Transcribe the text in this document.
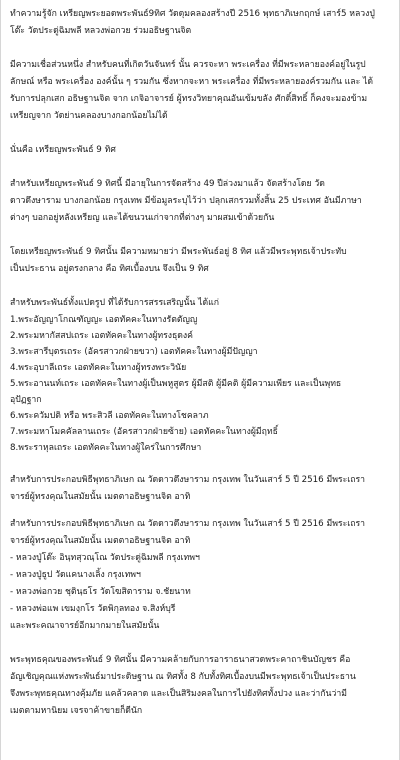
ทำความรู้จัก เหรียญพระยอดพระพันธ์9ทิศ วัดดุมคลองสร้างปี 2516 พุทธาภิเษกฤกษ์ เสาร์5 หลวงปู่
โต๊ะ วัดประดู่ฉิมพลี หลวงพ่อกวย ร่วมอธิษฐานจิต

มีความเชื่อส่วนหนึ่ง สำหรับคนที่เกิดวันจันทร์ นั้น ควรจะหา พระเครื่อง ที่มีพระหลายองค์อยู่ในรูป
ลักษณ์ หรือ พระเครื่อง องค์นั้น ๆ รวมกัน ซึ่งหากจะหา พระเครื่อง ที่มีพระหลายองค์รวมกัน และ ได้
รับการปลุกเสก อธิษฐานจิต จาก เกจิอาจารย์ ผู้ทรงวิทยาคุณอันเข้มขลัง ศักดิ์สิทธิ์ ก็คงจะมองข้าม
เหรียญจาก วัดย่านคลองบางกอกน้อยไม่ได้

นั่นคือ เหรียญพระพันธ์ 9 ทิศ

สำหรับเหรียญพระพันธ์ 9 ทิศนี้ มีอายุในการจัดสร้าง 49 ปีล่วงมาแล้ว จัดสร้างโดย วัด
ดาวดึงษาราม บางกอกน้อย กรุงเทพ มีข้อมูลระบุไว้ว่า ปลุกเสกรวมทั้งสิ้น 25 ประเทศ อันมีภาษา
ต่างๆ บอกอยู่หลังเหรียญ และได้ขนวนเก่าจากที่ต่างๆ มาผสมเข้าด้วยกัน

โดยเหรียญพระพันธ์ 9 ทิศนั้น มีความหมายว่า มีพระพันธ์อยู่ 8 ทิศ แล้วมีพระพุทธเจ้าประทับ
เป็นประธาน อยู่ตรงกลาง คือ ทิศเบื้องบน จึงเป็น 9 ทิศ

สำหรับพระพันธ์ทั้งแปดรูป ที่ได้รับการสรรเสริญนั้น ได้แก่

1.พระอัญญาโกณฑัญญะ เอตทัคคะในทางรัตตัญญู
2.พระมหากัสสปเถระ เอตทัคคะในทางผู้ทรงธุดงค์
3.พระสารีบุตรเถระ (อัครสาวกฝ่ายขวา) เอตทัคคะในทางผู้มีปัญญา
4.พระอุบาลีเถระ เอตทัคคะในทางผู้ทรงพระวินัย
5.พระอานนท์เถระ เอตทัคคะในทางผู้เป็นพหูสูตร ผู้มีสติ ผู้มีคติ ผู้มีความเพียร และเป็นพุทธ
อุปัฏฐาก
6.พระควัมปติ หรือ พระสิวลี เอตทัคคะในทางโชคลาภ
7.พระมหาโมคคัลลานเถระ (อัครสาวกฝ่ายซ้าย) เอตทัคคะในทางผู้มีฤทธิ์
8.พระราหุลเถระ เอตทัคคะในทางผู้ใคร่ในการศึกษา

สำหรับการประกอบพิธีพุทธาภิเษก ณ วัดดาวดึงษาราม กรุงเทพ ในวันเสาร์ 5 ปี 2516 มีพระเถรา
จารย์ผู้ทรงคุณในสมัยนั้น เมตตาอธิษฐานจิต อาทิ

สำหรับการประกอบพิธีพุทธาภิเษก ณ วัดดาวดึงษาราม กรุงเทพ ในวันเสาร์ 5 ปี 2516 มีพระเถรา
จารย์ผู้ทรงคุณในสมัยนั้น เมตตาอธิษฐานจิต อาทิ
- หลวงปู่โต๊ะ อินฺทสุวณฺโณ วัดประดู่ฉิมพลี กรุงเทพฯ
- หลวงปู่ธูป วัดแคนางเลิ้ง กรุงเทพฯ
- หลวงพ่อกวย ชุตินฺธโร วัดโฆสิตาราม จ.ชัยนาท
- หลวงพ่อแพ เขมงฺกโร วัดพิกุลทอง จ.สิงห์บุรี
และพระคณาจารย์อีกมากมายในสมัยนั้น

พระพุทธคุณของพระพันธ์ 9 ทิศนั้น มีความคล้ายกับการอาราธนาสวดพระคาถาชินบัญชร คือ
อัญเชิญคุณแห่งพระพันธ์มาประดิษฐาน ณ ทิศทั้ง 8 กับทั้งทิศเบื้องบนมีพระพุทธเจ้าเป็นประธาน
จึงพระพุทธคุณทางคุ้มภัย แคล้วคลาด และเป็นสิริมงคลในการไปยังทิศทั้งปวง และว่ากันว่ามี
เมตตามหานิยม เจรจาค้าขายก็ดีนัก
